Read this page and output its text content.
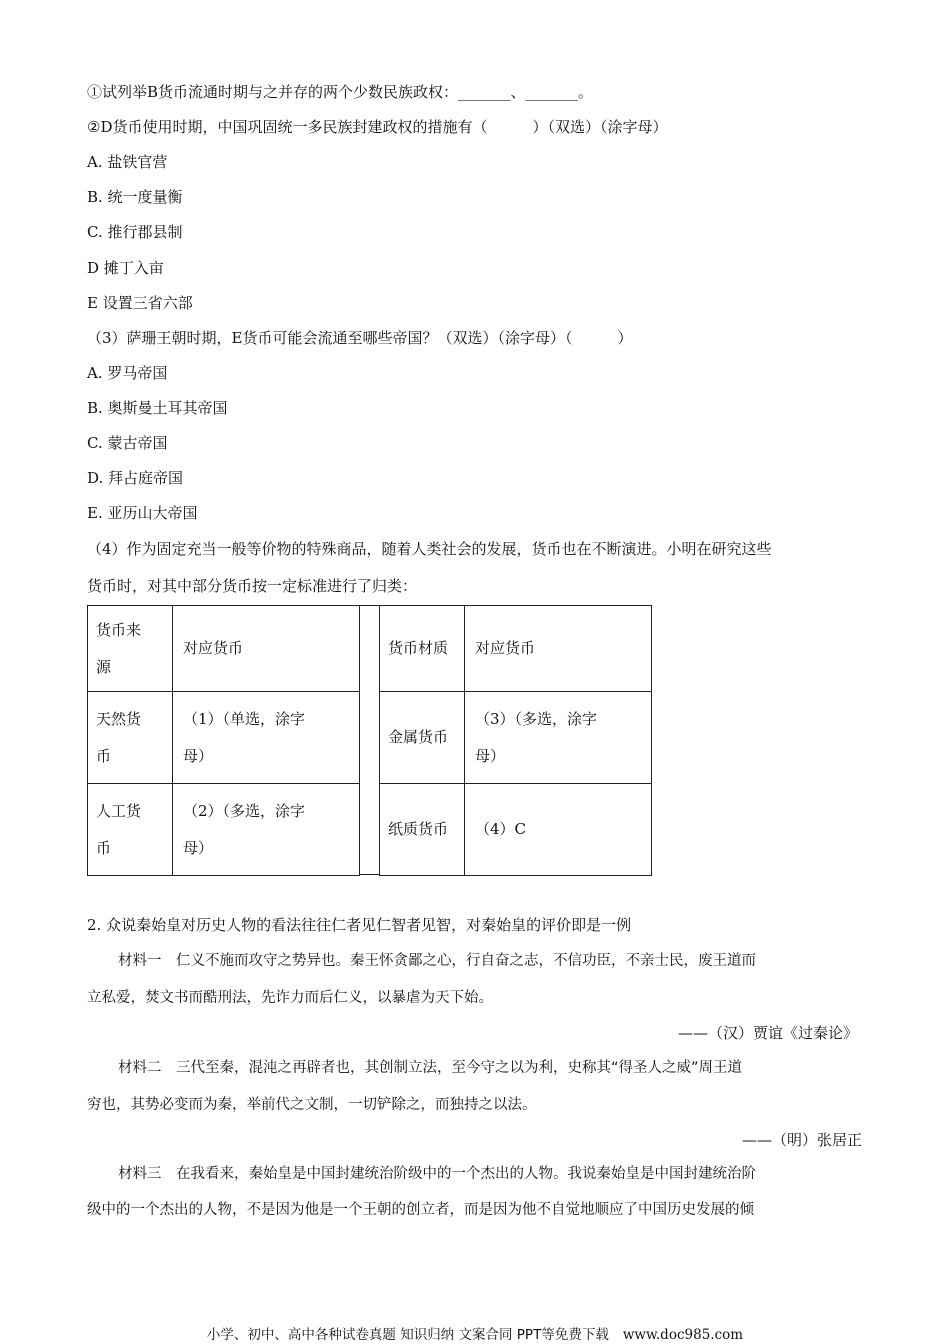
①试列举B货币流通时期与之并存的两个少数民族政权：_______、_______。
②D货币使用时期，中国巩固统一多民族封建政权的措施有（　　　）（双选）（涂字母）
A. 盐铁官营
B. 统一度量衡
C. 推行郡县制
D 摊丁入亩
E 设置三省六部
（3）萨珊王朝时期，E货币可能会流通至哪些帝国？（双选）（涂字母）（　　　）
A. 罗马帝国
B. 奥斯曼土耳其帝国
C. 蒙古帝国
D. 拜占庭帝国
E. 亚历山大帝国
（4）作为固定充当一般等价物的特殊商品，随着人类社会的发展，货币也在不断演进。小明在研究这些
货币时，对其中部分货币按一定标准进行了归类：
货币来
源	对应货币
天然货
币	（1）（单选，涂字
母）
人工货
币	（2）（多选，涂字
母）
货币材质	对应货币
金属货币	（3）（多选，涂字
母）
纸质货币	（4）C
2. 众说秦始皇对历史人物的看法往往仁者见仁智者见智，对秦始皇的评价即是一例
材料一　仁义不施而攻守之势异也。秦王怀贪鄙之心，行自奋之志，不信功臣，不亲士民，废王道而
立私爱，焚文书而酷刑法，先诈力而后仁义，以暴虐为天下始。
——（汉）贾谊《过秦论》
材料二　三代至秦，混沌之再辟者也，其创制立法，至今守之以为利，史称其“得圣人之威”周王道
穷也，其势必变而为秦，举前代之文制，一切铲除之，而独持之以法。
——（明）张居正
材料三　在我看来，秦始皇是中国封建统治阶级中的一个杰出的人物。我说秦始皇是中国封建统治阶
级中的一个杰出的人物，不是因为他是一个王朝的创立者，而是因为他不自觉地顺应了中国历史发展的倾
小学、初中、高中各种试卷真题 知识归纳 文案合同 PPT等免费下载 www.doc985.com
